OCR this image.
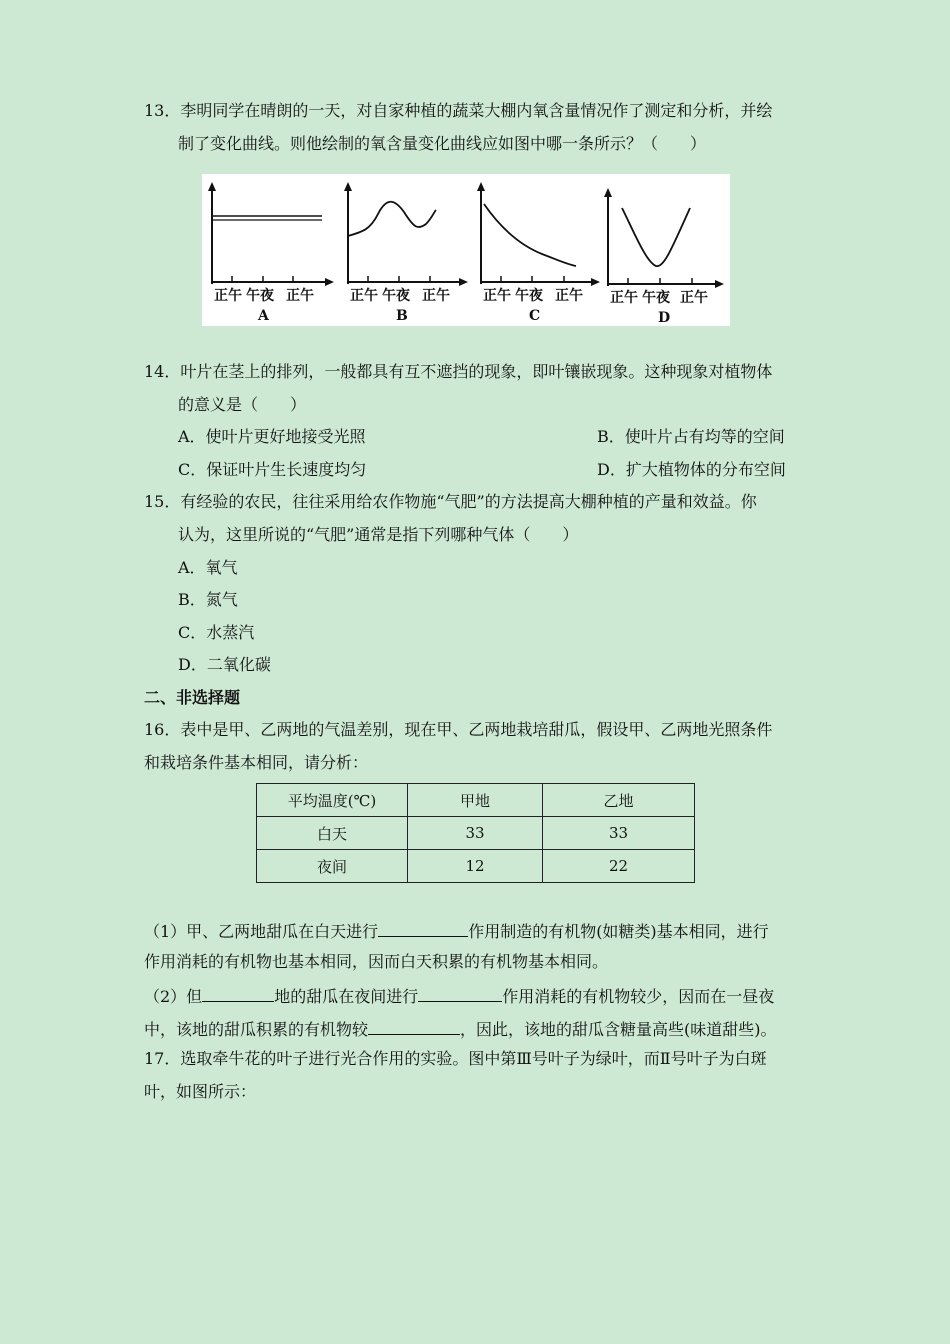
13．李明同学在晴朗的一天，对自家种植的蔬菜大棚内氧含量情况作了测定和分析，并绘
制了变化曲线。则他绘制的氧含量变化曲线应如图中哪一条所示？（　　）
正午 午夜 正午
A
正午 午夜 正午
B
正午 午夜 正午
C
正午 午夜 正午
D
14．叶片在茎上的排列，一般都具有互不遮挡的现象，即叶镶嵌现象。这种现象对植物体
的意义是（　　）
A．使叶片更好地接受光照	B．使叶片占有均等的空间
C．保证叶片生长速度均匀	D．扩大植物体的分布空间
15．有经验的农民，往往采用给农作物施“气肥”的方法提高大棚种植的产量和效益。你
认为，这里所说的“气肥”通常是指下列哪种气体（　　）
A．氧气
B．氮气
C．水蒸汽
D．二氧化碳
二、非选择题
16．表中是甲、乙两地的气温差别，现在甲、乙两地栽培甜瓜，假设甲、乙两地光照条件
和栽培条件基本相同，请分析：
平均温度(℃)	甲地	乙地
白天	33	33
夜间	12	22
（1）甲、乙两地甜瓜在白天进行	作用制造的有机物(如糖类)基本相同，进行
作用消耗的有机物也基本相同，因而白天积累的有机物基本相同。
（2）但	地的甜瓜在夜间进行	作用消耗的有机物较少，因而在一昼夜
中，该地的甜瓜积累的有机物较	，因此，该地的甜瓜含糖量高些(味道甜些)。
17．选取牵牛花的叶子进行光合作用的实验。图中第Ⅲ号叶子为绿叶，而Ⅱ号叶子为白斑
叶，如图所示：
